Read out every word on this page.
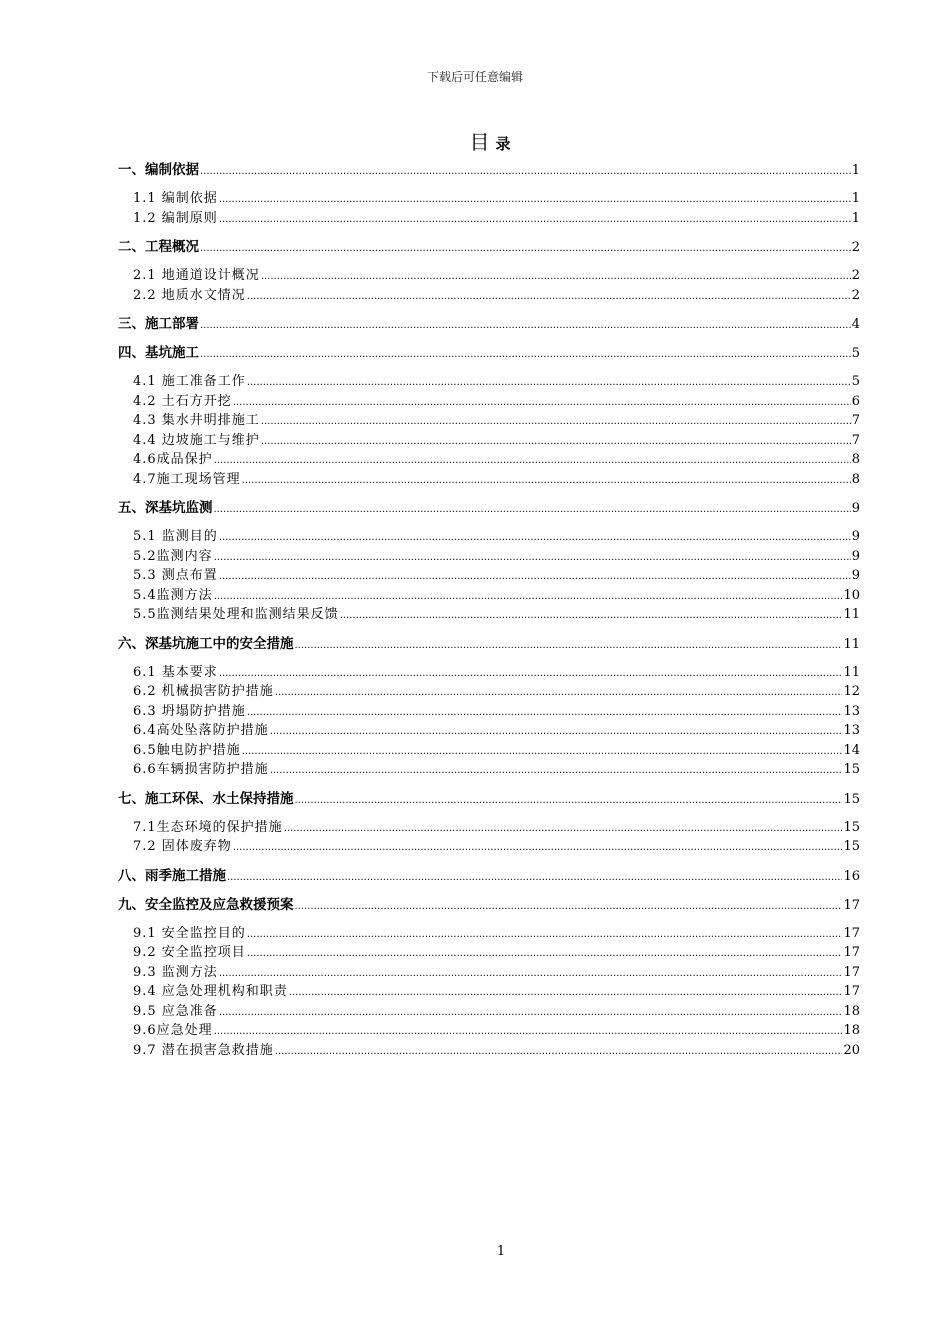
下载后可任意编辑
目 录
一、编制依据 .....	1
1.1 编制依据 .....	1
1.2 编制原则 .....	1
二、工程概况 .....	2
2.1 地通道设计概况 .....	2
2.2 地质水文情况 .....	2
三、施工部署 .....	4
四、基坑施工 .....	5
4.1 施工准备工作 .....	5
4.2 土石方开挖 .....	6
4.3 集水井明排施工 .....	7
4.4 边坡施工与维护 .....	7
4.6成品保护 .....	8
4.7施工现场管理 .....	8
五、深基坑监测 .....	9
5.1 监测目的 .....	9
5.2监测内容 .....	9
5.3 测点布置 .....	9
5.4监测方法 .....	10
5.5监测结果处理和监测结果反馈 .....	11
六、深基坑施工中的安全措施 .....	11
6.1 基本要求 .....	11
6.2 机械损害防护措施 .....	12
6.3 坍塌防护措施 .....	13
6.4高处坠落防护措施 .....	13
6.5触电防护措施 .....	14
6.6车辆损害防护措施 .....	15
七、施工环保、水土保持措施 .....	15
7.1生态环境的保护措施 .....	15
7.2 固体废弃物 .....	15
八、雨季施工措施 .....	16
九、安全监控及应急救援预案 .....	17
9.1 安全监控目的 .....	17
9.2 安全监控项目 .....	17
9.3 监测方法 .....	17
9.4 应急处理机构和职责 .....	17
9.5 应急准备 .....	18
9.6应急处理 .....	18
9.7 潜在损害急救措施 .....	20
1
